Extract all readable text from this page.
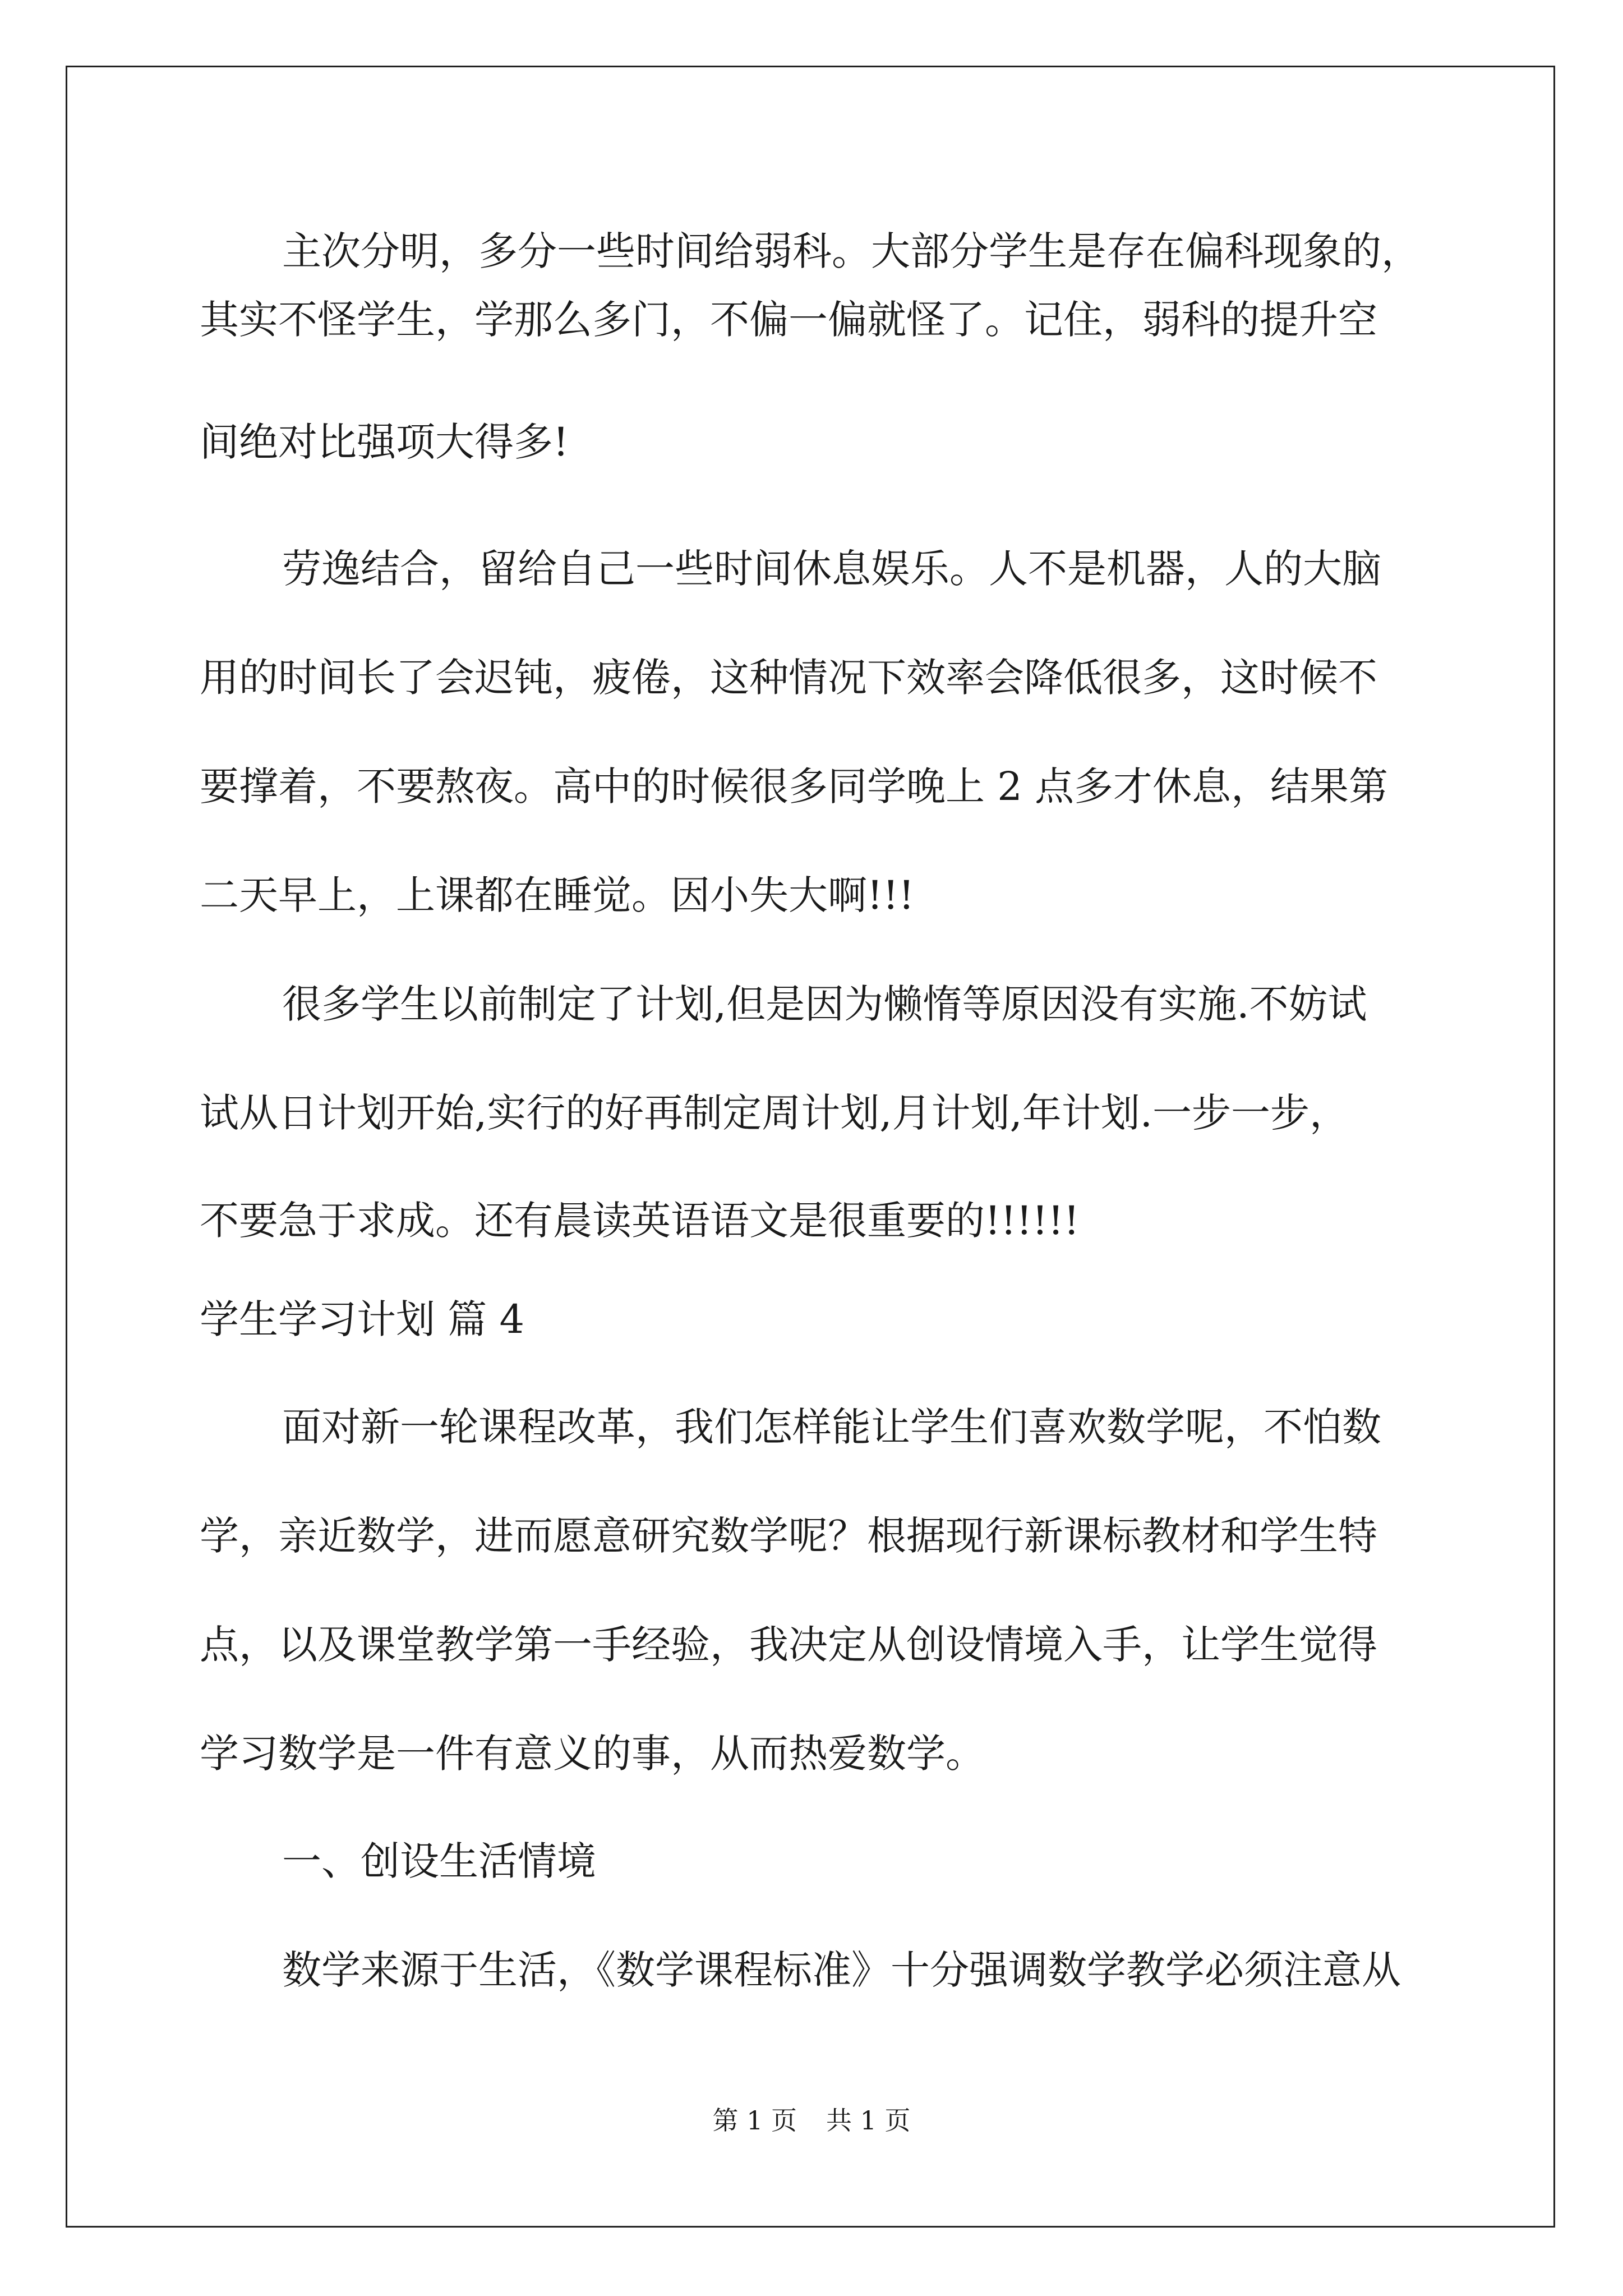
主次分明，多分一些时间给弱科。大部分学生是存在偏科现象的，
其实不怪学生，学那么多门，不偏一偏就怪了。记住，弱科的提升空
间绝对比强项大得多!
劳逸结合，留给自己一些时间休息娱乐。人不是机器，人的大脑
用的时间长了会迟钝，疲倦，这种情况下效率会降低很多，这时候不
要撑着，不要熬夜。高中的时候很多同学晚上 2 点多才休息，结果第
二天早上，上课都在睡觉。因小失大啊!!!
很多学生以前制定了计划,但是因为懒惰等原因没有实施.不妨试
试从日计划开始,实行的好再制定周计划,月计划,年计划.一步一步，
不要急于求成。还有晨读英语语文是很重要的!!!!!!
学生学习计划 篇 4
面对新一轮课程改革，我们怎样能让学生们喜欢数学呢，不怕数
学，亲近数学，进而愿意研究数学呢？根据现行新课标教材和学生特
点，以及课堂教学第一手经验，我决定从创设情境入手，让学生觉得
学习数学是一件有意义的事，从而热爱数学。
一、创设生活情境
数学来源于生活，《数学课程标准》十分强调数学教学必须注意从
第 1 页 共 1 页
